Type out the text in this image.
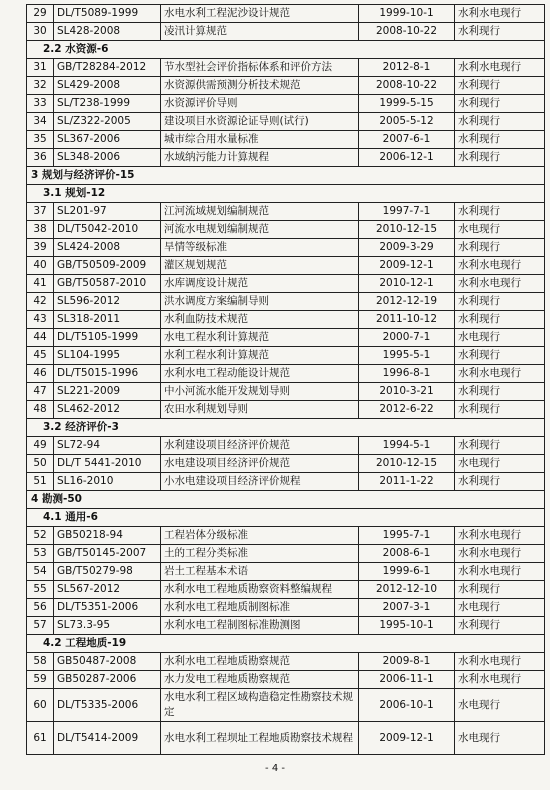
29	DL/T5089-1999	水电水利工程泥沙设计规范	1999-10-1	水利水电现行
30	SL428-2008	凌汛计算规范	2008-10-22	水利现行
2.2 水资源-6				
31	GB/T28284-2012	节水型社会评价指标体系和评价方法	2012-8-1	水利水电现行
32	SL429-2008	水资源供需预测分析技术规范	2008-10-22	水利现行
33	SL/T238-1999	水资源评价导则	1999-5-15	水利现行
34	SL/Z322-2005	建设项目水资源论证导则(试行)	2005-5-12	水利现行
35	SL367-2006	城市综合用水量标准	2007-6-1	水利现行
36	SL348-2006	水域纳污能力计算规程	2006-12-1	水利现行
3 规划与经济评价-15				
3.1 规划-12				
37	SL201-97	江河流域规划编制规范	1997-7-1	水利现行
38	DL/T5042-2010	河流水电规划编制规范	2010-12-15	水电现行
39	SL424-2008	旱情等级标准	2009-3-29	水利现行
40	GB/T50509-2009	灌区规划规范	2009-12-1	水利水电现行
41	GB/T50587-2010	水库调度设计规范	2010-12-1	水利水电现行
42	SL596-2012	洪水调度方案编制导则	2012-12-19	水利现行
43	SL318-2011	水利血防技术规范	2011-10-12	水利现行
44	DL/T5105-1999	水电工程水利计算规范	2000-7-1	水电现行
45	SL104-1995	水利工程水利计算规范	1995-5-1	水利现行
46	DL/T5015-1996	水利水电工程动能设计规范	1996-8-1	水利水电现行
47	SL221-2009	中小河流水能开发规划导则	2010-3-21	水利现行
48	SL462-2012	农田水利规划导则	2012-6-22	水利现行
3.2 经济评价-3				
49	SL72-94	水利建设项目经济评价规范	1994-5-1	水利现行
50	DL/T 5441-2010	水电建设项目经济评价规范	2010-12-15	水电现行
51	SL16-2010	小水电建设项目经济评价规程	2011-1-22	水利现行
4 勘测-50				
4.1 通用-6				
52	GB50218-94	工程岩体分级标准	1995-7-1	水利水电现行
53	GB/T50145-2007	土的工程分类标准	2008-6-1	水利水电现行
54	GB/T50279-98	岩土工程基本术语	1999-6-1	水利水电现行
55	SL567-2012	水利水电工程地质勘察资料整编规程	2012-12-10	水利现行
56	DL/T5351-2006	水利水电工程地质制图标准	2007-3-1	水电现行
57	SL73.3-95	水利水电工程制图标准勘测图	1995-10-1	水利现行
4.2 工程地质-19				
58	GB50487-2008	水利水电工程地质勘察规范	2009-8-1	水利水电现行
59	GB50287-2006	水力发电工程地质勘察规范	2006-11-1	水利水电现行
60	DL/T5335-2006	水电水利工程区域构造稳定性勘察技术规定	2006-10-1	水电现行
61	DL/T5414-2009	水电水利工程坝址工程地质勘察技术规程	2009-12-1	水电现行
- 4 -
